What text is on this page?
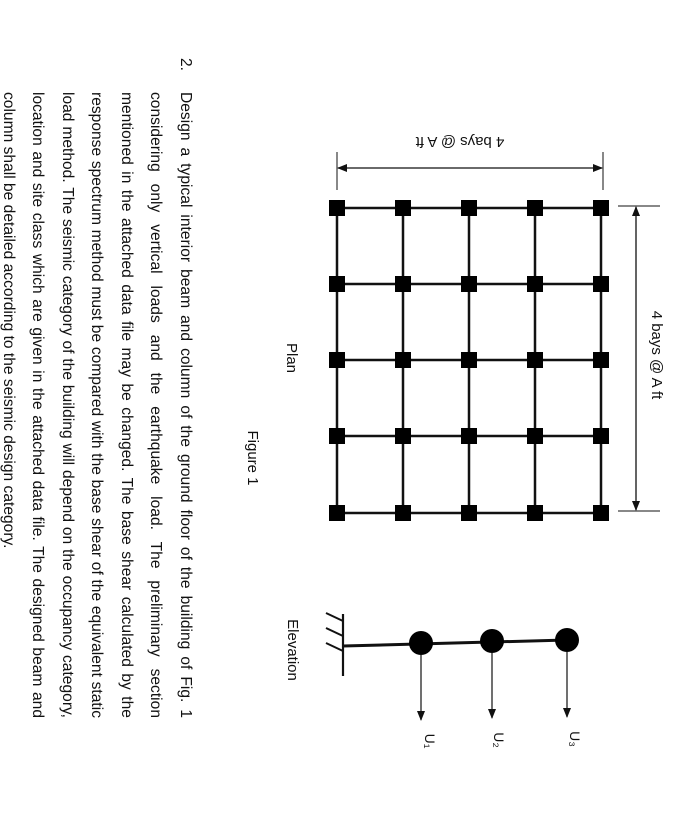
4 bays @ A ft
4 bays @ A ft
Plan
Figure 1
U₁	U₂	U₃
Elevation
2.
Design a typical interior beam and column of the ground floor of the building of Fig. 1 considering only vertical loads and the earthquake load. The preliminary section mentioned in the attached data file may be changed. The base shear calculated by the response spectrum method must be compared with the base shear of the equivalent static load method. The seismic category of the building will depend on the occupancy category, location and site class which are given in the attached data file. The designed beam and column shall be detailed according to the seismic design category.
